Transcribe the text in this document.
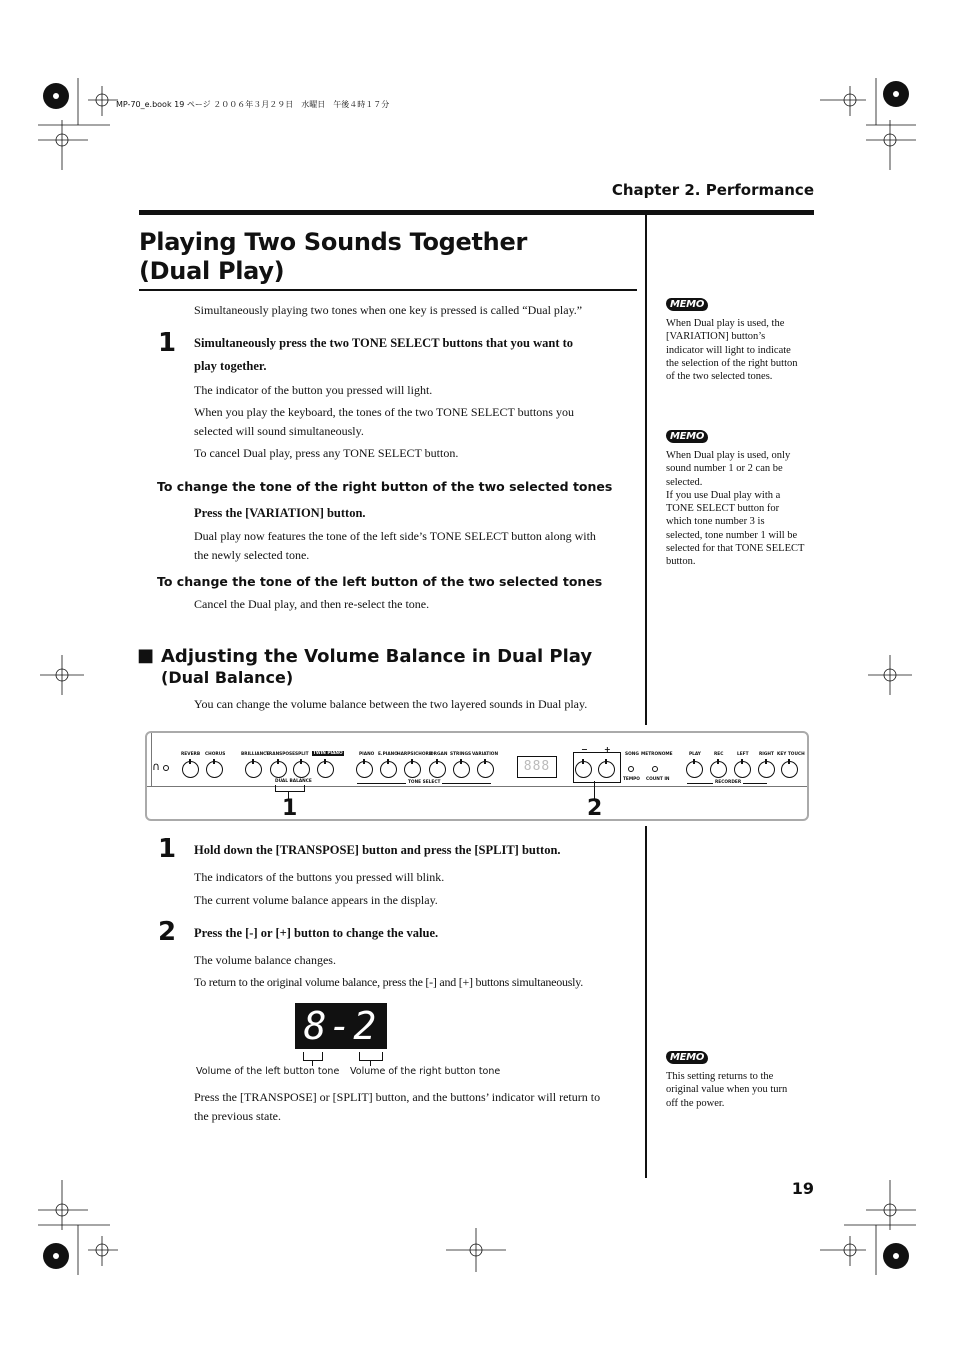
MP-70_e.book 19 ページ ２００６年３月２９日　水曜日　午後４時１７分
Chapter 2. Performance
Playing Two Sounds Together
(Dual Play)
Simultaneously playing two tones when one key is pressed is called “Dual play.”
1 Simultaneously press the two TONE SELECT buttons that you want to
play together.
The indicator of the button you pressed will light.
When you play the keyboard, the tones of the two TONE SELECT buttons you
selected will sound simultaneously.
To cancel Dual play, press any TONE SELECT button.
To change the tone of the right button of the two selected tones
Press the [VARIATION] button.
Dual play now features the tone of the left side’s TONE SELECT button along with
the newly selected tone.
To change the tone of the left button of the two selected tones
Cancel the Dual play, and then re-select the tone.
■ Adjusting the Volume Balance in Dual Play
(Dual Balance)
You can change the volume balance between the two layered sounds in Dual play.
∩
REVERB CHORUS	BRILLIANCE
TRANSPOSE SPLIT TWIN PIANO
DUAL BALANCE
PIANO E.PIANO HARPSICHORD
ORGAN STRINGS VARIATION
TONE SELECT
888
− +
SONG METRONOME
TEMPO COUNT IN
PLAY	REC	LEFT RIGHT KEY TOUCH
RECORDER
1	2
1 Hold down the [TRANSPOSE] button and press the [SPLIT] button.
The indicators of the buttons you pressed will blink.
The current volume balance appears in the display.
2 Press the [-] or [+] button to change the value.
The volume balance changes.
To return to the original volume balance, press the [-] and [+] buttons simultaneously.
8-2
Volume of the left button tone Volume of the right button tone
Press the [TRANSPOSE] or [SPLIT] button, and the buttons’ indicator will return to
the previous state.
MEMO
When Dual play is used, the
[VARIATION] button’s
indicator will light to indicate
the selection of the right button
of the two selected tones.
MEMO
When Dual play is used, only
sound number 1 or 2 can be
selected.
If you use Dual play with a
TONE SELECT button for
which tone number 3 is
selected, tone number 1 will be
selected for that TONE SELECT
button.
MEMO
This setting returns to the
original value when you turn
off the power.
19
